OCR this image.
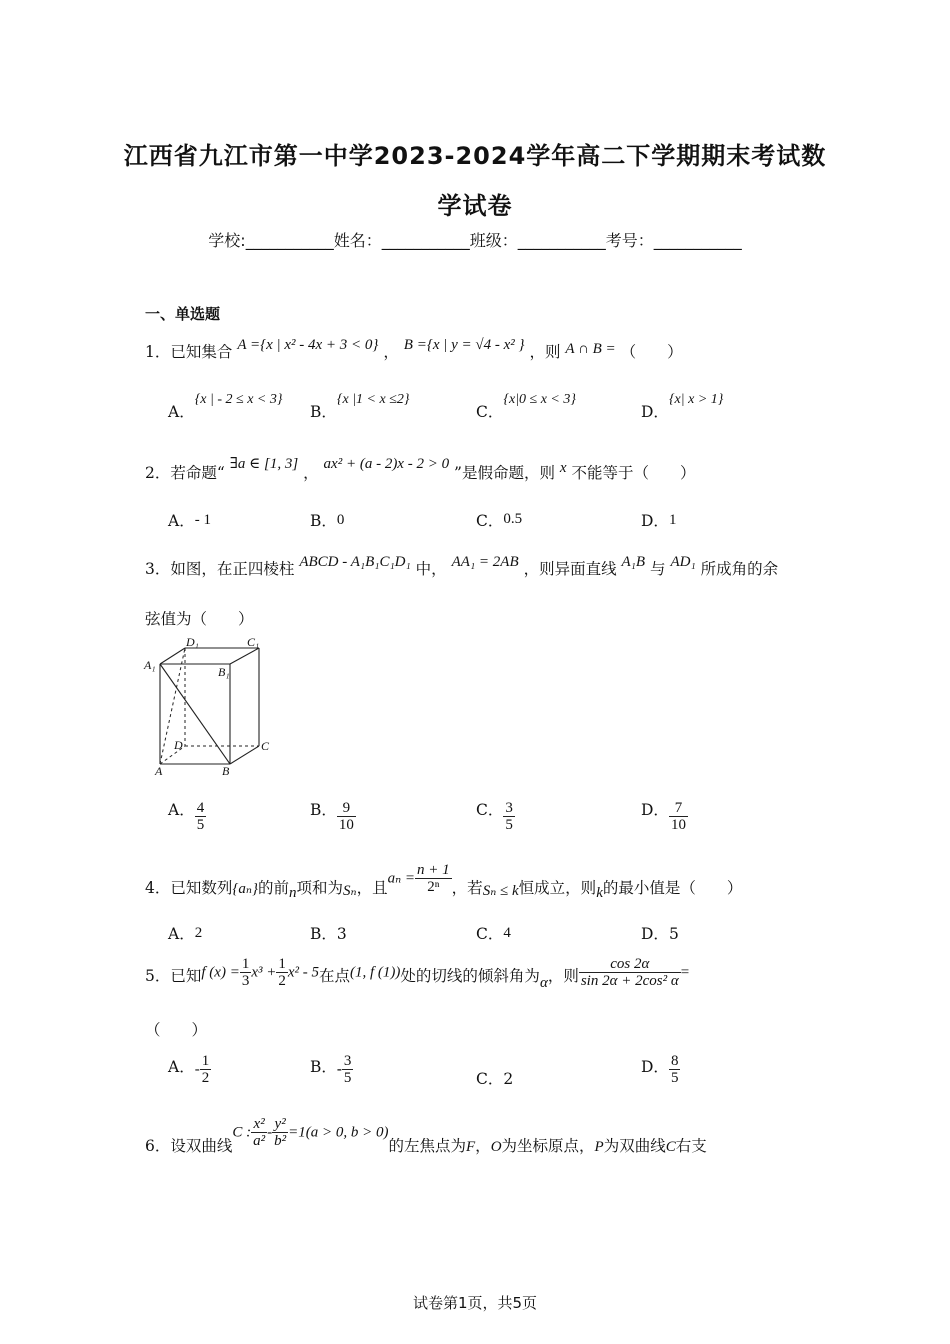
江西省九江市第一中学2023-2024学年高二下学期期末考试数
学试卷
学校:___________姓名：___________班级：___________考号：___________
一、单选题
1．已知集合 A ={x | x² - 4x + 3 < 0} ， B ={x | y = √4 - x² } ，则 A ∩ B = （　　）
A．{x | - 2 ≤ x < 3}
B．{x |1 < x ≤2}
C．{x|0 ≤ x < 3}
D．{x| x > 1}
2．若命题“ ∃a ∈ [1, 3] ， ax² + (a - 2)x - 2 > 0 ”是假命题，则 x 不能等于（　　）
A．- 1	B．0	C．0.5	D．1
3．如图，在正四棱柱 ABCD - A₁B₁C₁D₁ 中， AA₁ = 2AB ，则异面直线 A₁B 与 AD₁ 所成角的余
弦值为（　　）
D₁	C₁
A₁	B₁
D	C
A	B
A． $\frac{4}{5}$	B． $\frac{9}{10}$	C． $\frac{3}{5}$	D． $\frac{7}{10}$
4．已知数列{aₙ}的前n项和为Sₙ，且$a_n = \frac{n + 1}{\text{2ⁿ}}$ ，若Sₙ ≤ k恒成立，则k的最小值是（　　）
A．2	B．3	C．4	D．5
5．已知f $(x) = \frac{1}{3} x^3 + \frac{1}{2} x^2 - 5$在点(1, f (1))处的切线的倾斜角为α，则 $\frac{\cos 2\alpha}{\text{sin 2α + 2cos² α}}$ =
（　　）
A．- $\frac{1}{2}$	B．- $\frac{3}{5}$	C．2
D． $\frac{8}{5}$
6．设双曲线C : $\frac{\text{x²}}{\text{a²}} - \frac{\text{y²}}{\text{b²}} =1(a > 0$, b > 0)的左焦点为F，O为坐标原点，P为双曲线C右支
试卷第1页，共5页
